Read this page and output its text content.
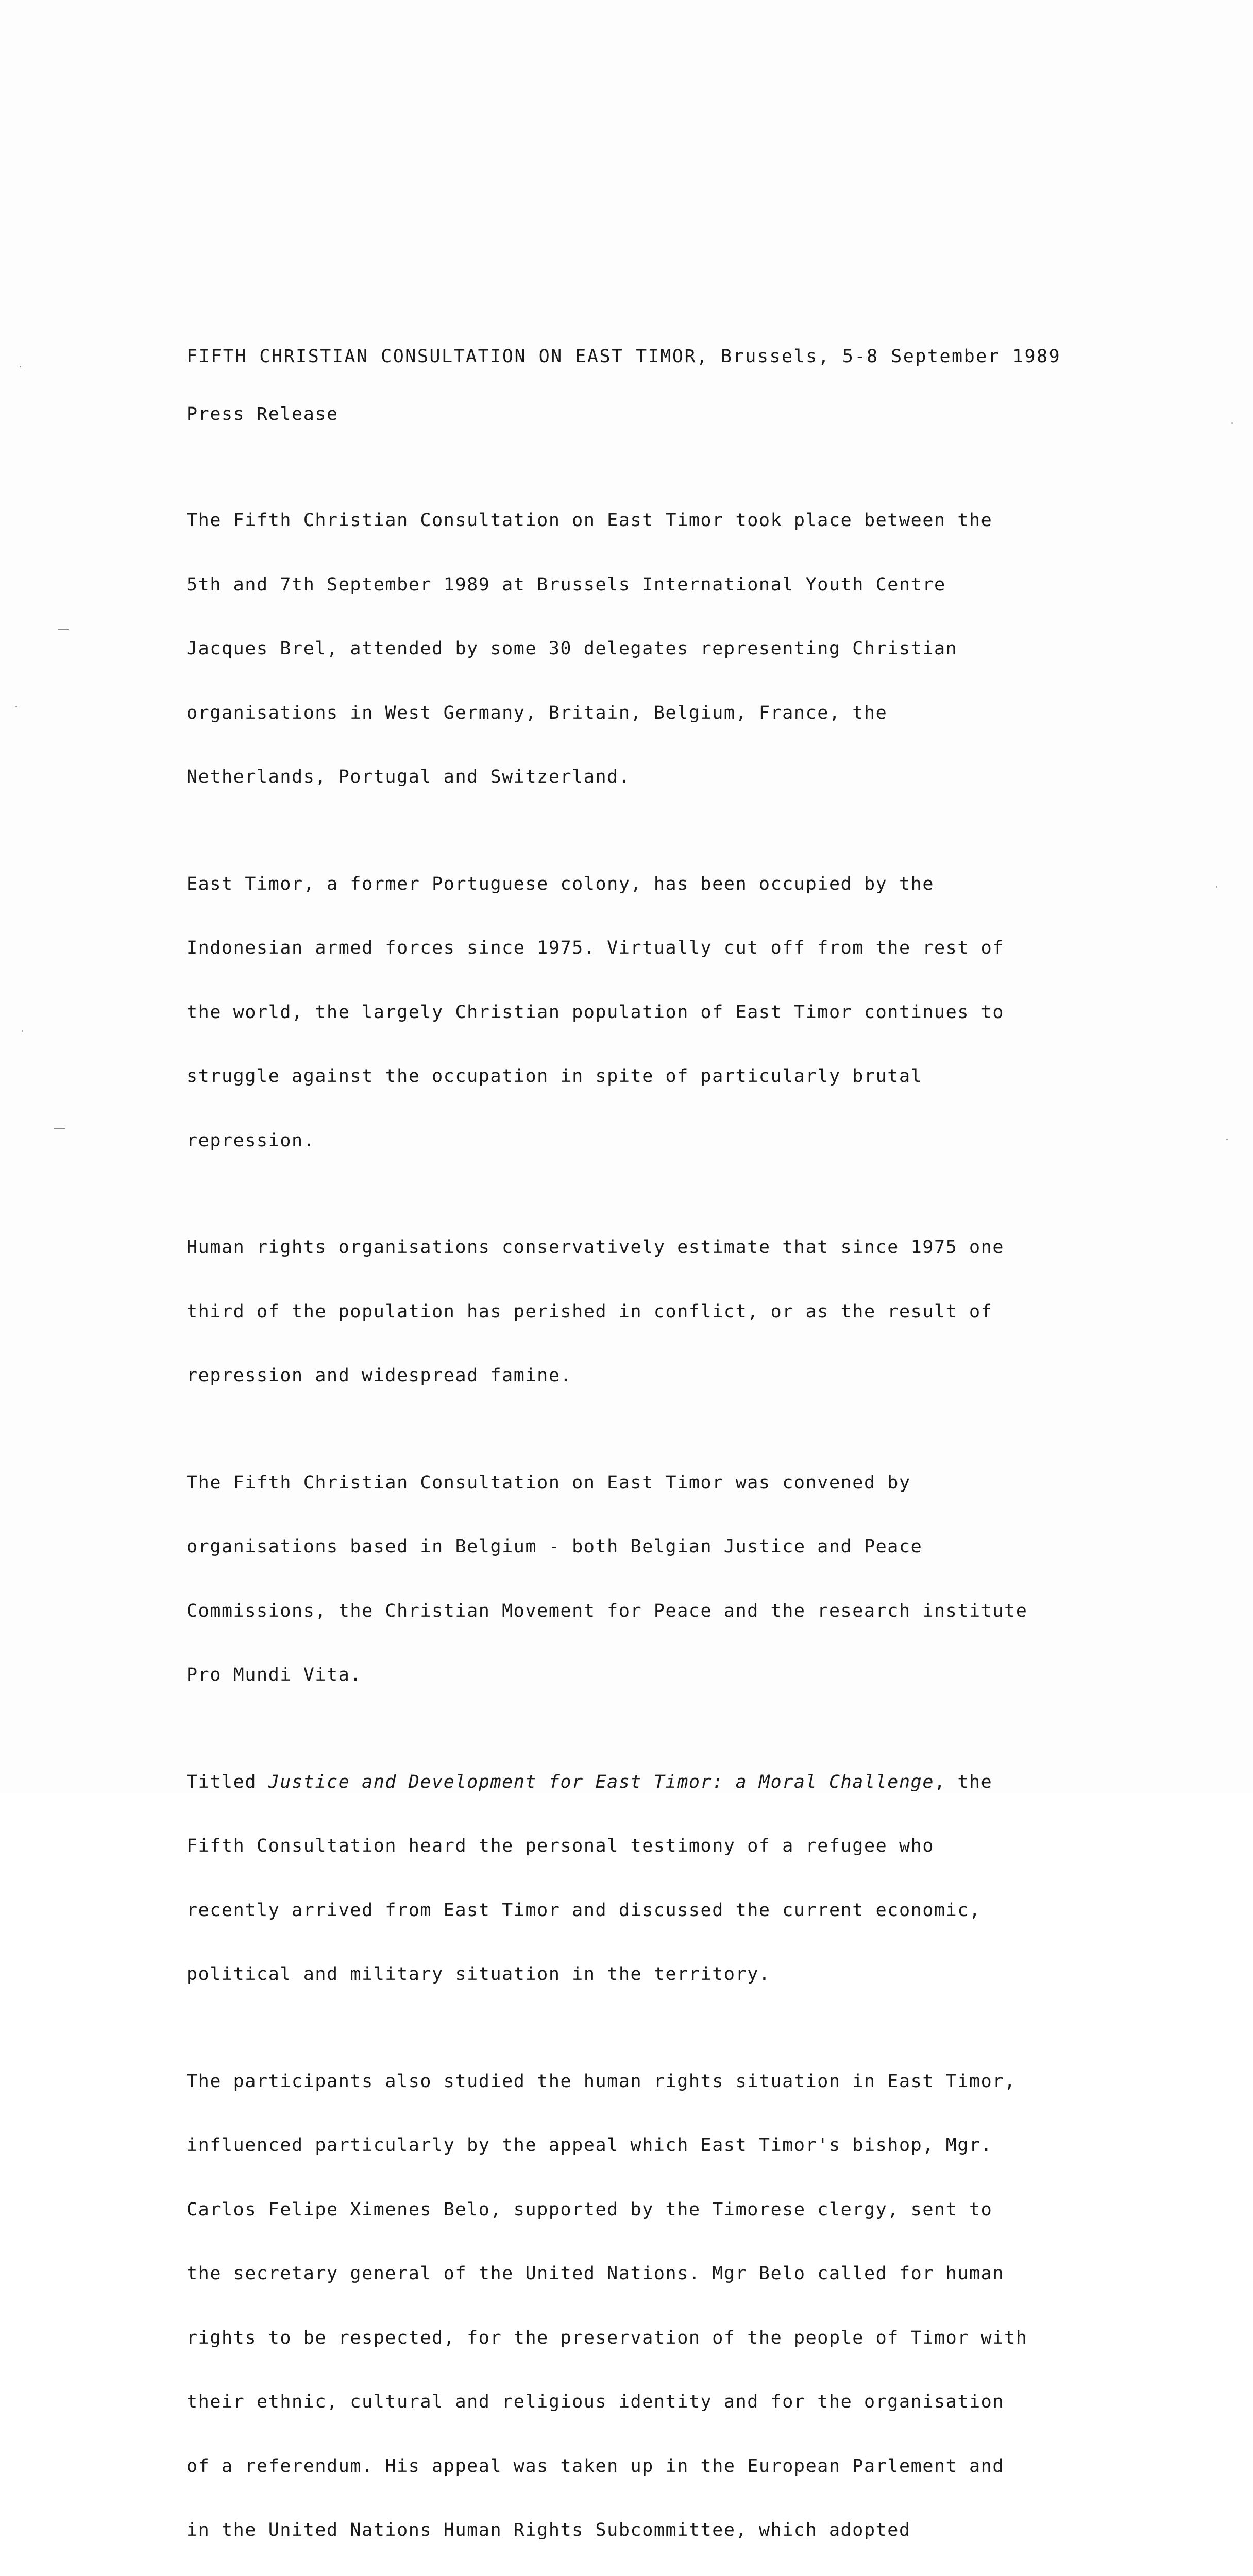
FIFTH CHRISTIAN CONSULTATION ON EAST TIMOR, Brussels, 5-8 September 1989
Press Release

The Fifth Christian Consultation on East Timor took place between the

5th and 7th September 1989 at Brussels International Youth Centre

Jacques Brel, attended by some 30 delegates representing Christian

organisations in West Germany, Britain, Belgium, France, the

Netherlands, Portugal and Switzerland.

East Timor, a former Portuguese colony, has been occupied by the

Indonesian armed forces since 1975. Virtually cut off from the rest of

the world, the largely Christian population of East Timor continues to

struggle against the occupation in spite of particularly brutal

repression.

Human rights organisations conservatively estimate that since 1975 one

third of the population has perished in conflict, or as the result of

repression and widespread famine.

The Fifth Christian Consultation on East Timor was convened by

organisations based in Belgium - both Belgian Justice and Peace

Commissions, the Christian Movement for Peace and the research institute

Pro Mundi Vita.

Titled Justice and Development for East Timor: a Moral Challenge, the

Fifth Consultation heard the personal testimony of a refugee who

recently arrived from East Timor and discussed the current economic,

political and military situation in the territory.

The participants also studied the human rights situation in East Timor,

influenced particularly by the appeal which East Timor's bishop, Mgr.

Carlos Felipe Ximenes Belo, supported by the Timorese clergy, sent to

the secretary general of the United Nations. Mgr Belo called for human

rights to be respected, for the preservation of the people of Timor with

their ethnic, cultural and religious identity and for the organisation

of a referendum. His appeal was taken up in the European Parlement and

in the United Nations Human Rights Subcommittee, which adopted
